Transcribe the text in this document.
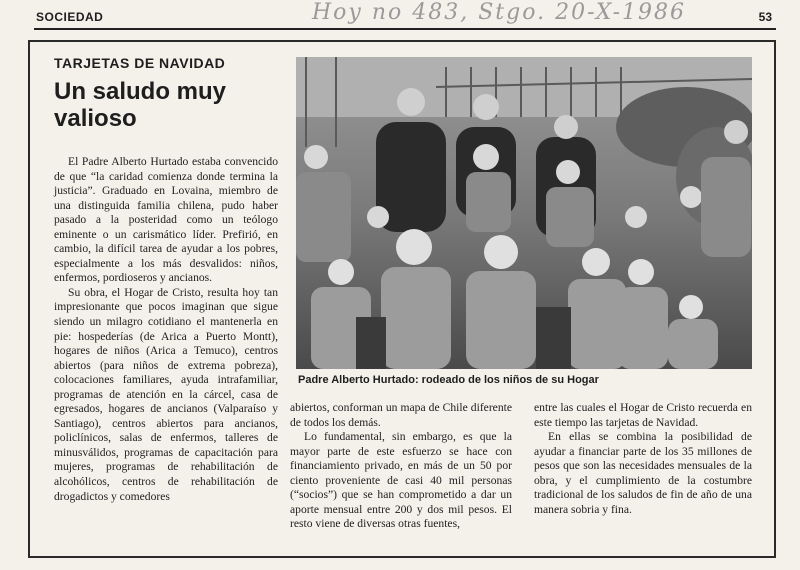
SOCIEDAD	Hoy no 483, Stgo. 20-X-1986	53
TARJETAS DE NAVIDAD
Un saludo muy valioso

El Padre Alberto Hurtado estaba convencido de que “la caridad comienza donde termina la justicia”. Graduado en Lovaina, miembro de una distinguida familia chilena, pudo haber pasado a la posteridad como un teólogo eminente o un carismático líder. Prefirió, en cambio, la difícil tarea de ayudar a los pobres, especialmente a los más desvalidos: niños, enfermos, pordioseros y ancianos.

Su obra, el Hogar de Cristo, resulta hoy tan impresionante que pocos imaginan que sigue siendo un milagro cotidiano el mantenerla en pie: hospederías (de Arica a Puerto Montt), hogares de niños (Arica a Temuco), centros abiertos (para niños de extrema pobreza), colocaciones familiares, ayuda intrafamiliar, programas de atención en la cárcel, casa de egresados, hogares de ancianos (Valparaíso y Santiago), centros abiertos para ancianos, policlínicos, salas de enfermos, talleres de minusválidos, programas de capacitación para mujeres, programas de rehabilitación de alcohólicos, centros de rehabilitación de drogadictos y comedores

Padre Alberto Hurtado: rodeado de los niños de su Hogar

abiertos, conforman un mapa de Chile diferente de todos los demás.

Lo fundamental, sin embargo, es que la mayor parte de este esfuerzo se hace con financiamiento privado, en más de un 50 por ciento proveniente de casi 40 mil personas (“socios”) que se han comprometido a dar un aporte mensual entre 200 y dos mil pesos. El resto viene de diversas otras fuentes,

entre las cuales el Hogar de Cristo recuerda en este tiempo las tarjetas de Navidad.

En ellas se combina la posibilidad de ayudar a financiar parte de los 35 millones de pesos que son las necesidades mensuales de la obra, y el cumplimiento de la costumbre tradicional de los saludos de fin de año de una manera sobria y fina.
